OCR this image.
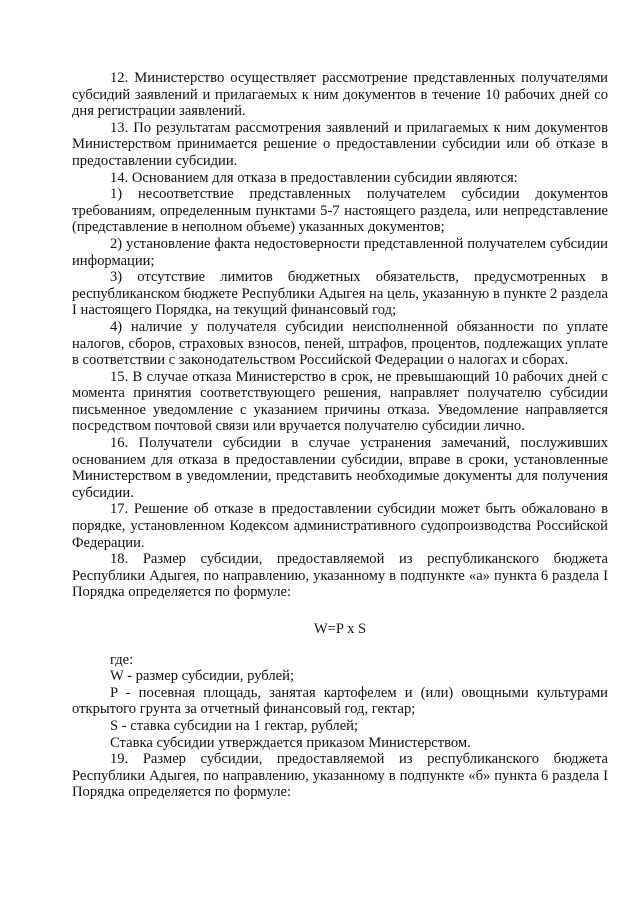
12. Министерство осуществляет рассмотрение представленных получателями субсидий заявлений и прилагаемых к ним документов в течение 10 рабочих дней со дня регистрации заявлений.

13. По результатам рассмотрения заявлений и прилагаемых к ним документов Министерством принимается решение о предоставлении субсидии или об отказе в предоставлении субсидии.

14. Основанием для отказа в предоставлении субсидии являются:

1) несоответствие представленных получателем субсидии документов требованиям, определенным пунктами 5-7 настоящего раздела, или непредставление (представление в неполном объеме) указанных документов;

2) установление факта недостоверности представленной получателем субсидии информации;

3) отсутствие лимитов бюджетных обязательств, предусмотренных в республиканском бюджете Республики Адыгея на цель, указанную в пункте 2 раздела I настоящего Порядка, на текущий финансовый год;

4) наличие у получателя субсидии неисполненной обязанности по уплате налогов, сборов, страховых взносов, пеней, штрафов, процентов, подлежащих уплате в соответствии с законодательством Российской Федерации о налогах и сборах.

15. В случае отказа Министерство в срок, не превышающий 10 рабочих дней с момента принятия соответствующего решения, направляет получателю субсидии письменное уведомление с указанием причины отказа. Уведомление направляется посредством почтовой связи или вручается получателю субсидии лично.

16. Получатели субсидии в случае устранения замечаний, послуживших основанием для отказа в предоставлении субсидии, вправе в сроки, установленные Министерством в уведомлении, представить необходимые документы для получения субсидии.

17. Решение об отказе в предоставлении субсидии может быть обжаловано в порядке, установленном Кодексом административного судопроизводства Российской Федерации.

18. Размер субсидии, предоставляемой из республиканского бюджета Республики Адыгея, по направлению, указанному в подпункте «а» пункта 6 раздела I Порядка определяется по формуле:

W=P x S

где:

W - размер субсидии, рублей;

P - посевная площадь, занятая картофелем и (или) овощными культурами открытого грунта за отчетный финансовый год, гектар;

S - ставка субсидии на 1 гектар, рублей;

Ставка субсидии утверждается приказом Министерством.

19. Размер субсидии, предоставляемой из республиканского бюджета Республики Адыгея, по направлению, указанному в подпункте «б» пункта 6 раздела I Порядка определяется по формуле:
